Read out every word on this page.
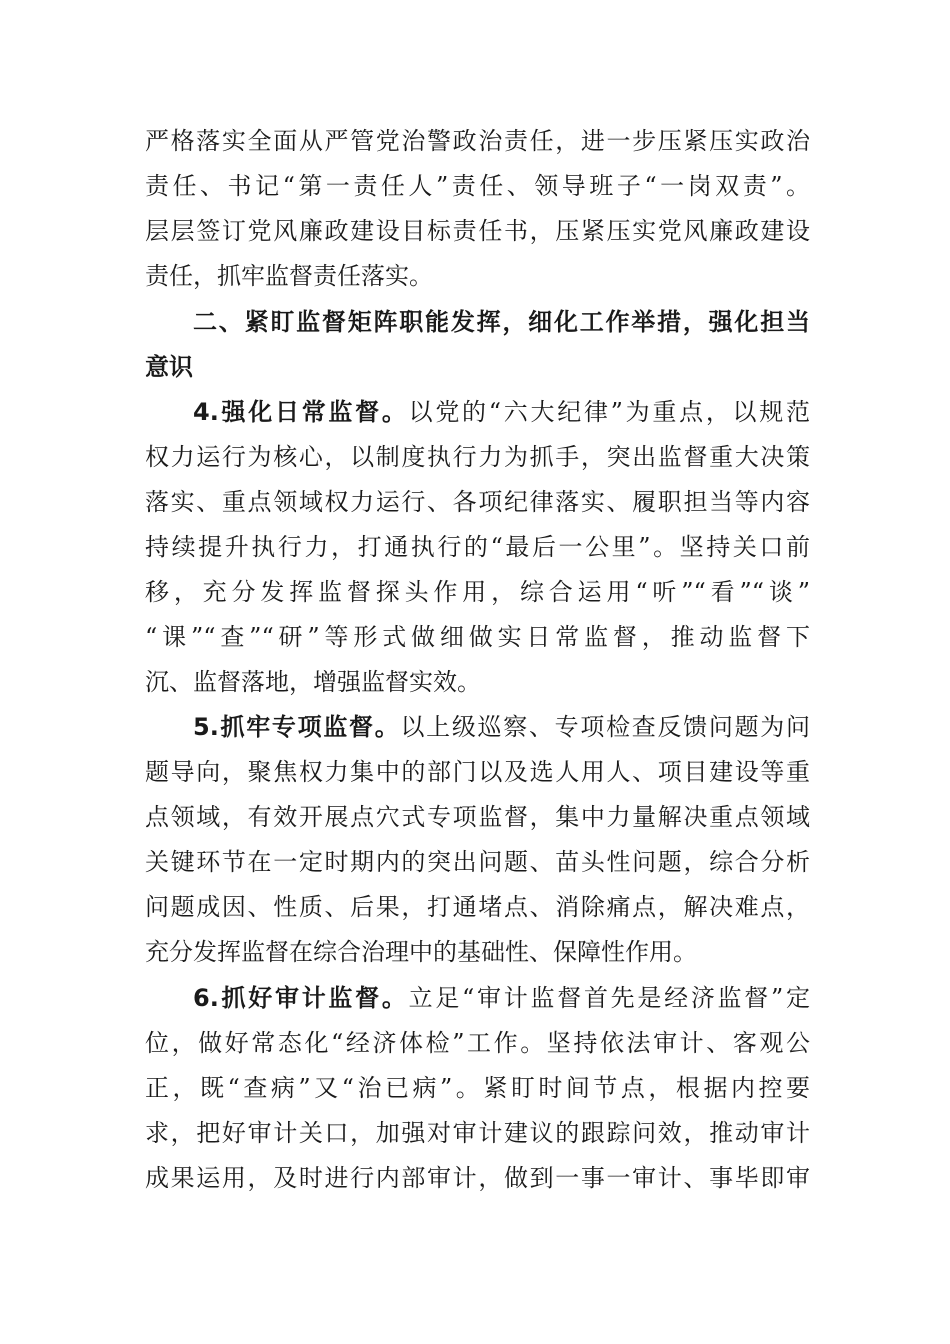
严格落实全面从严管党治警政治责任，进一步压紧压实政治
责任、书记“第一责任人”责任、领导班子“一岗双责”。
层层签订党风廉政建设目标责任书，压紧压实党风廉政建设
责任，抓牢监督责任落实。
二、紧盯监督矩阵职能发挥，细化工作举措，强化担当
意识
4.强化日常监督。以党的“六大纪律”为重点，以规范
权力运行为核心，以制度执行力为抓手，突出监督重大决策
落实、重点领域权力运行、各项纪律落实、履职担当等内容
持续提升执行力，打通执行的“最后一公里”。坚持关口前
移，充分发挥监督探头作用，综合运用“听”“看”“谈”
“课”“查”“研”等形式做细做实日常监督，推动监督下
沉、监督落地，增强监督实效。
5.抓牢专项监督。以上级巡察、专项检查反馈问题为问
题导向，聚焦权力集中的部门以及选人用人、项目建设等重
点领域，有效开展点穴式专项监督，集中力量解决重点领域
关键环节在一定时期内的突出问题、苗头性问题，综合分析
问题成因、性质、后果，打通堵点、消除痛点，解决难点，
充分发挥监督在综合治理中的基础性、保障性作用。
6.抓好审计监督。立足“审计监督首先是经济监督”定
位，做好常态化“经济体检”工作。坚持依法审计、客观公
正，既“查病”又“治已病”。紧盯时间节点，根据内控要
求，把好审计关口，加强对审计建议的跟踪问效，推动审计
成果运用，及时进行内部审计，做到一事一审计、事毕即审
